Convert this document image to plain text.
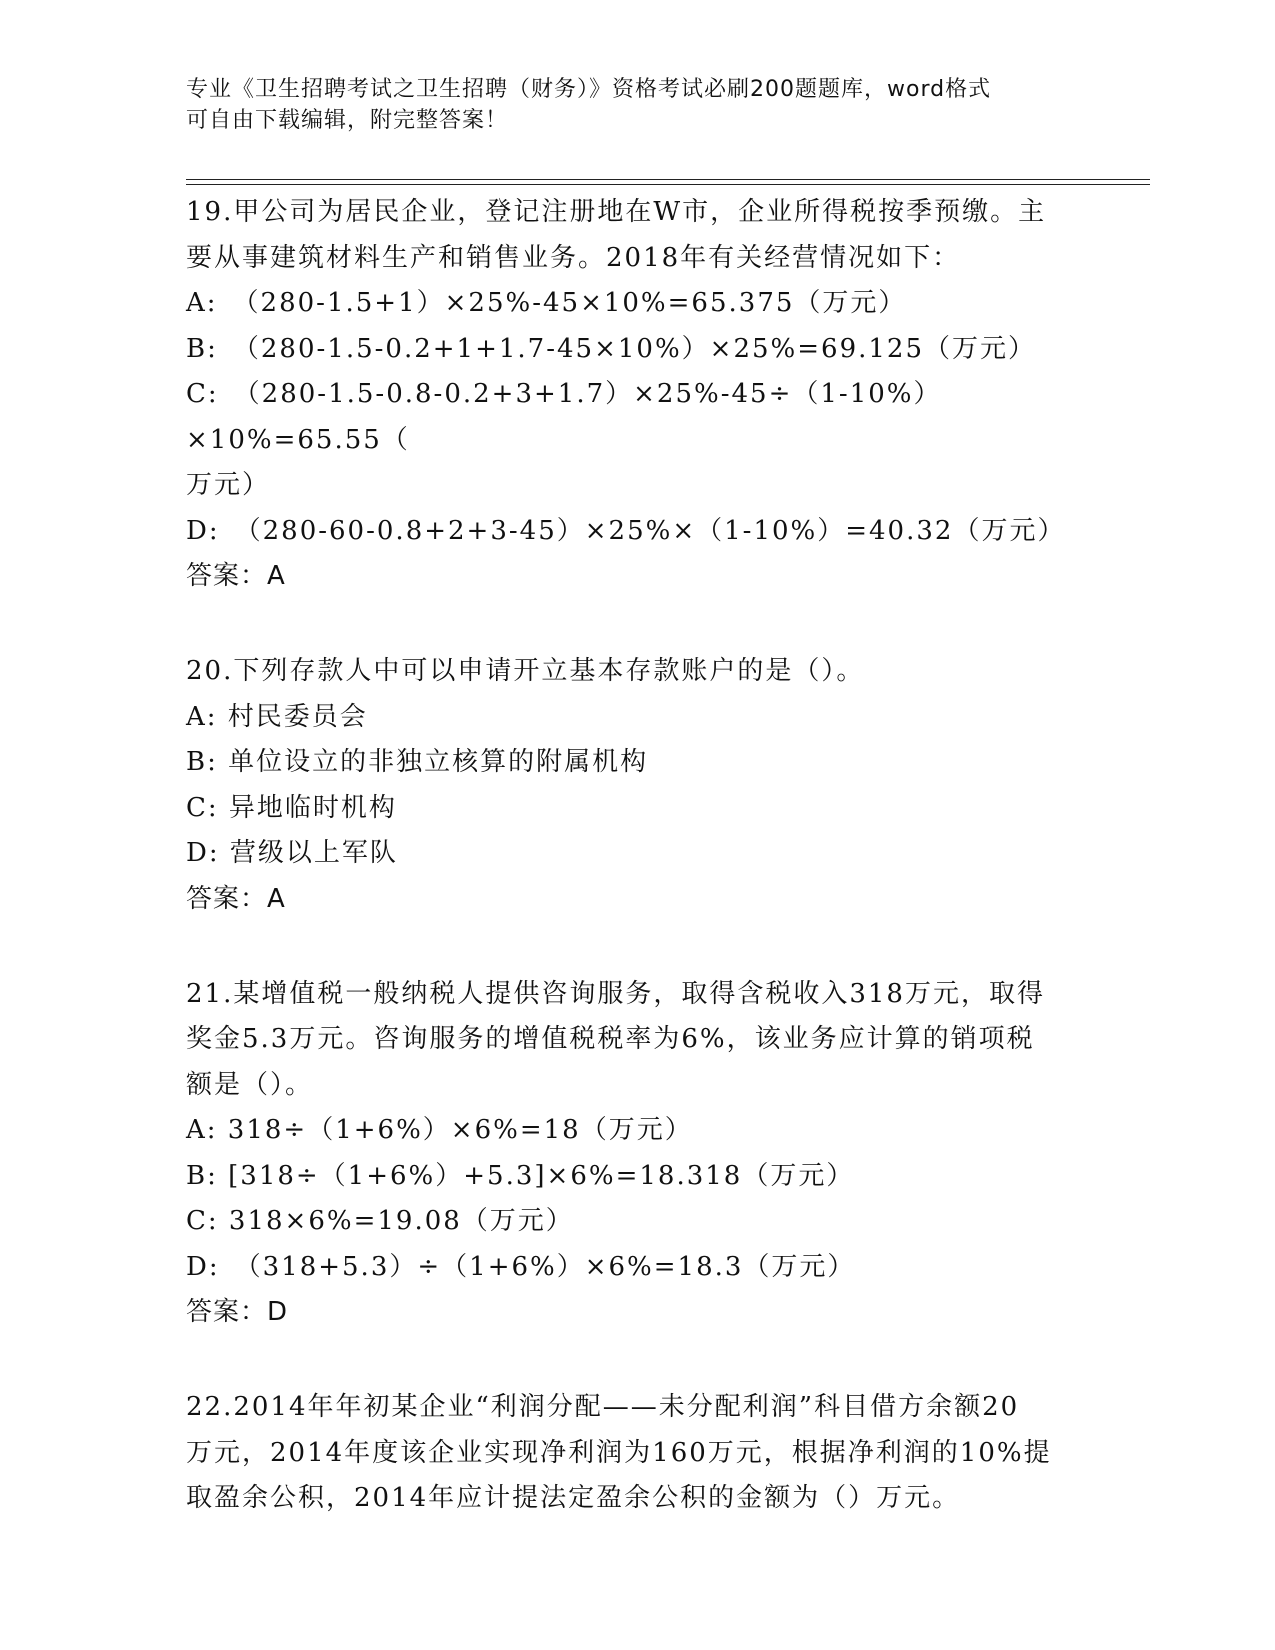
专业《卫生招聘考试之卫生招聘（财务）》资格考试必刷200题题库，word格式
可自由下载编辑，附完整答案！
19.甲公司为居民企业，登记注册地在W市，企业所得税按季预缴。主
要从事建筑材料生产和销售业务。2018年有关经营情况如下：
A:　（280-1.5+1）×25%-45×10%=65.375（万元）
B:　（280-1.5-0.2+1+1.7-45×10%）×25%=69.125（万元）
C:　（280-1.5-0.8-0.2+3+1.7）×25%-45÷（1-10%）×10%=65.55（
万元）
D:　（280-60-0.8+2+3-45）×25%×（1-10%）=40.32（万元）
答案：A
20.下列存款人中可以申请开立基本存款账户的是（）。
A: 村民委员会
B: 单位设立的非独立核算的附属机构
C: 异地临时机构
D: 营级以上军队
答案：A
21.某增值税一般纳税人提供咨询服务，取得含税收入318万元，取得
奖金5.3万元。咨询服务的增值税税率为6%，该业务应计算的销项税
额是（）。
A: 318÷（1+6%）×6%=18（万元）
B: [318÷（1+6%）+5.3]×6%=18.318（万元）
C: 318×6%=19.08（万元）
D:　（318+5.3）÷（1+6%）×6%=18.3（万元）
答案：D
22.2014年年初某企业“利润分配——未分配利润”科目借方余额20
万元，2014年度该企业实现净利润为160万元，根据净利润的10%提
取盈余公积，2014年应计提法定盈余公积的金额为（）万元。
